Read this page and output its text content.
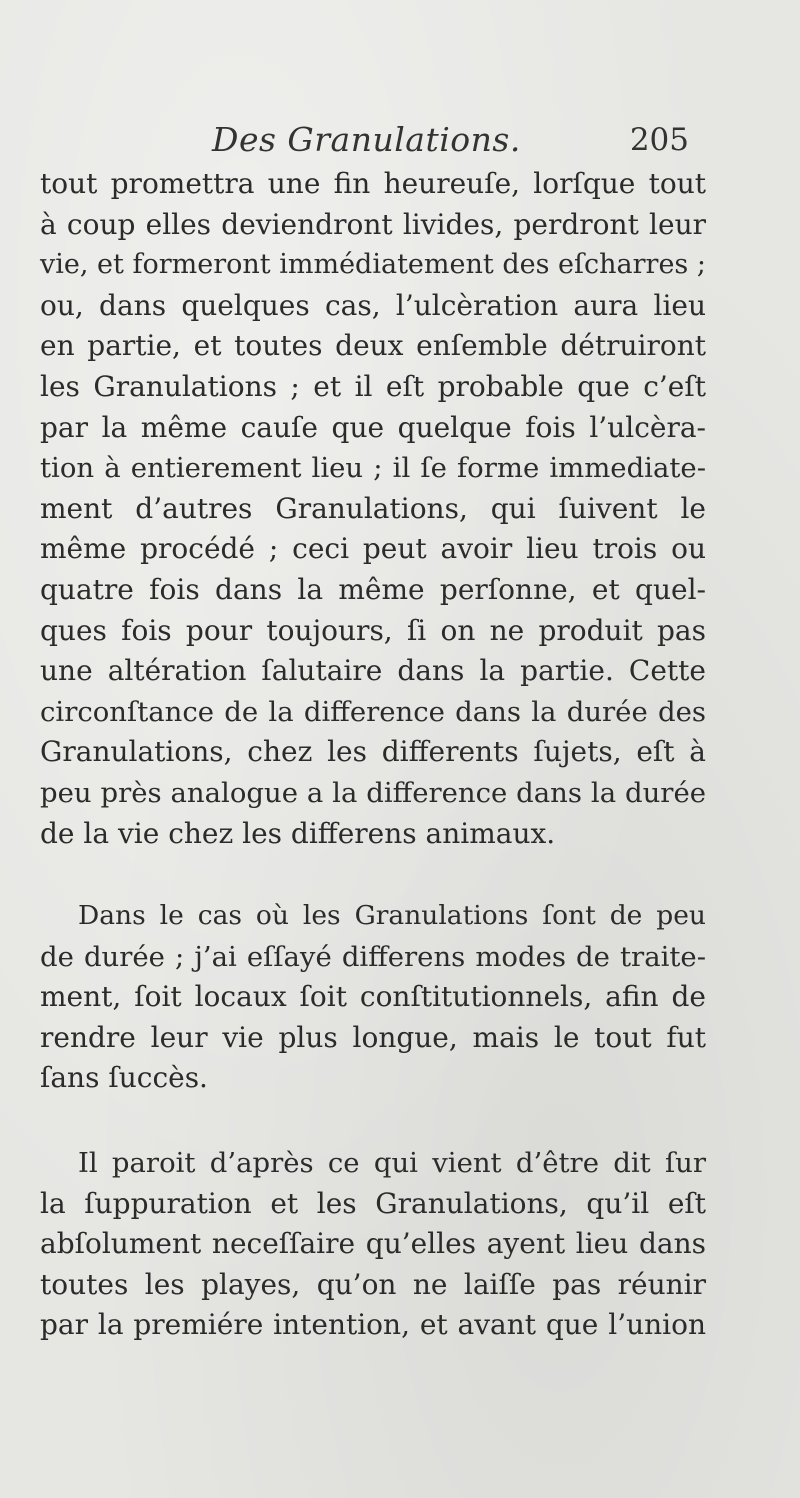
Des Granulations.	205
tout promettra une fin heureuſe, lorſque tout
à coup elles deviendront livides, perdront leur
vie, et formeront immédiatement des eſcharres ;
ou, dans quelques cas, l’ulcèration aura lieu
en partie, et toutes deux enſemble détruiront
les Granulations ; et il eſt probable que c’eſt
par la même cauſe que quelque fois l’ulcèra-
tion à entierement lieu ; il ſe forme immediate-
ment d’autres Granulations, qui ſuivent le
même procédé ; ceci peut avoir lieu trois ou
quatre fois dans la même perſonne, et quel-
ques fois pour toujours, ſi on ne produit pas
une altération ſalutaire dans la partie. Cette
circonſtance de la difference dans la durée des
Granulations, chez les differents ſujets, eſt à
peu près analogue a la difference dans la durée
de la vie chez les differens animaux.
Dans le cas où les Granulations ſont de peu
de durée ; j’ai eſſayé differens modes de traite-
ment, ſoit locaux ſoit conſtitutionnels, afin de
rendre leur vie plus longue, mais le tout fut
ſans ſuccès.
Il paroit d’après ce qui vient d’être dit ſur
la ſuppuration et les Granulations, qu’il eſt
abſolument neceſſaire qu’elles ayent lieu dans
toutes les playes, qu’on ne laiſſe pas réunir
par la premiére intention, et avant que l’union
